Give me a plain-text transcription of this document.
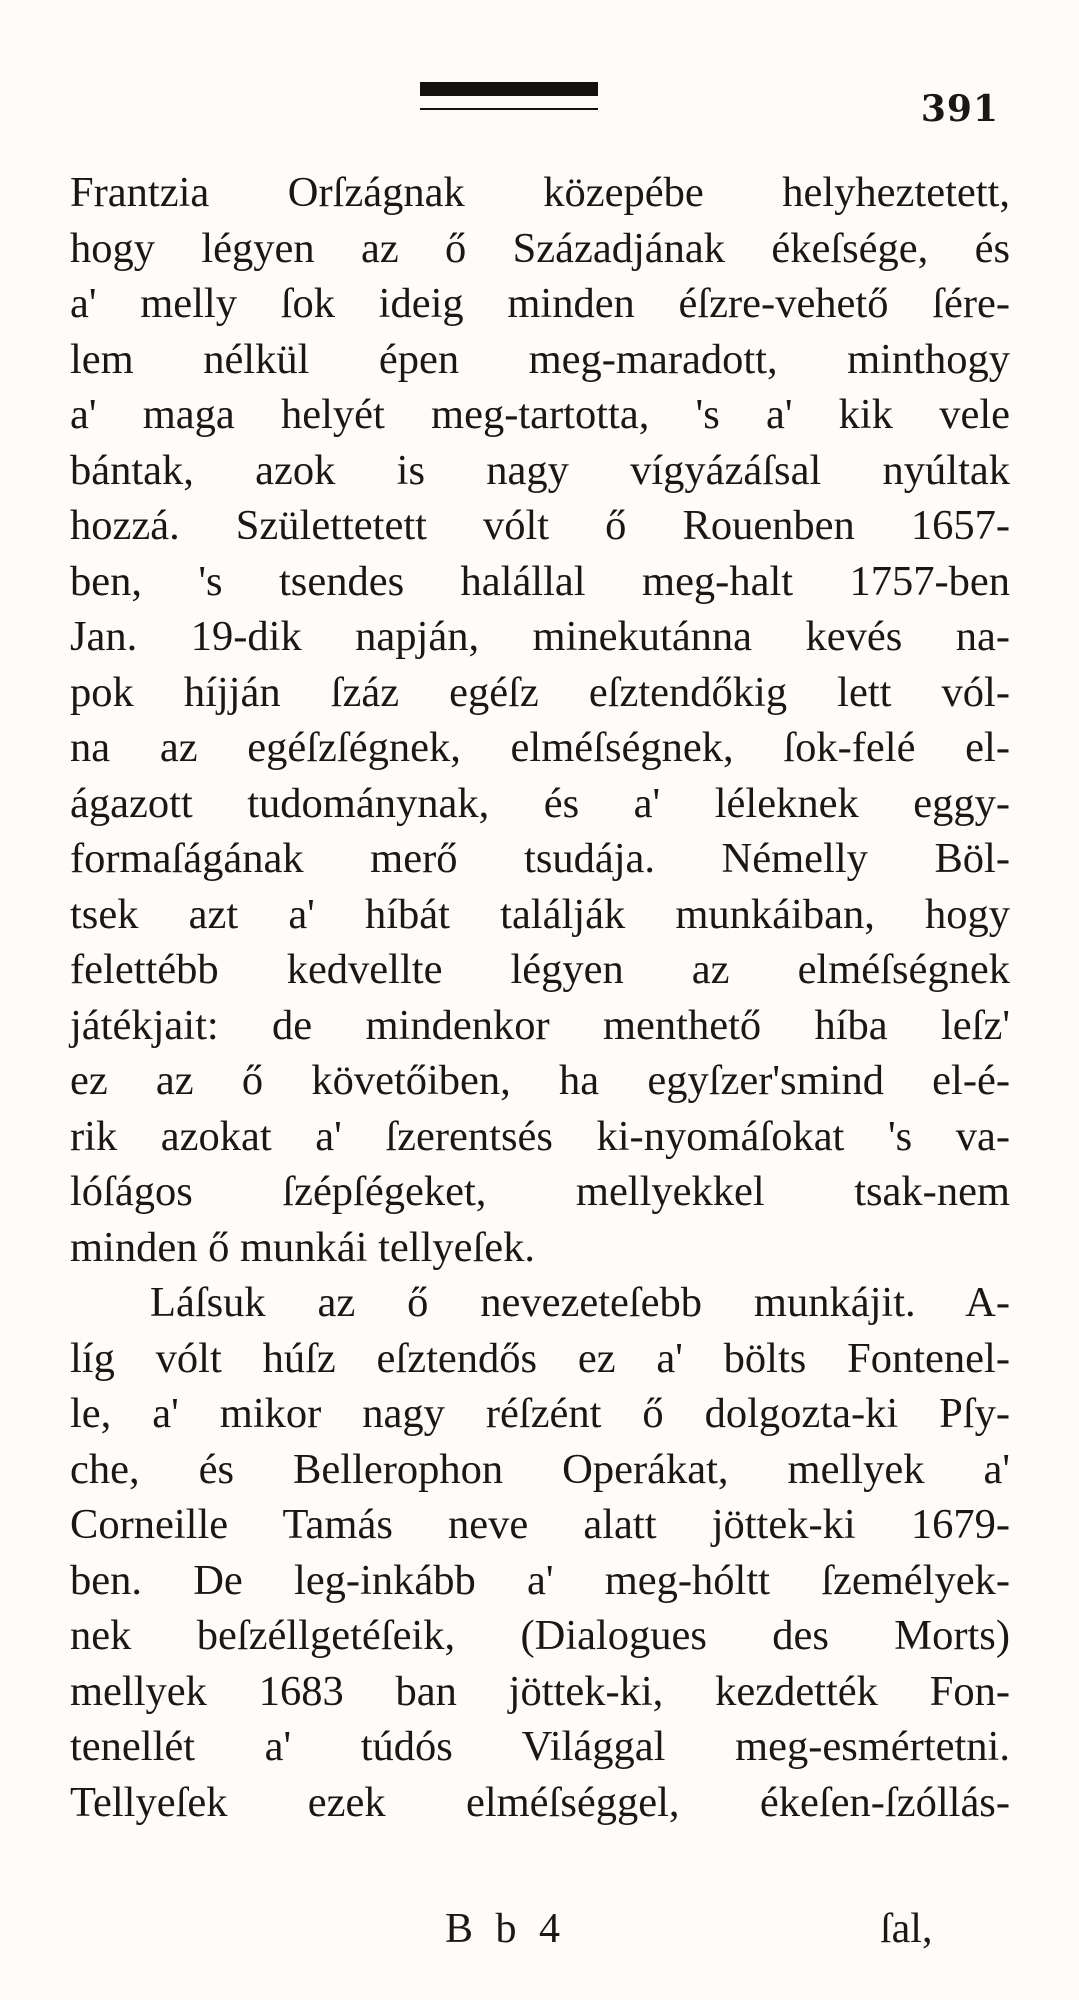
391
Frantzia Orſzágnak közepébe helyheztetett,
hogy légyen az ő Századjának ékeſsége, és
a' melly ſok ideig minden éſzre-vehető ſére-
lem nélkül épen meg-maradott, minthogy
a' maga helyét meg-tartotta, 's a' kik vele
bántak, azok is nagy vígyázáſsal nyúltak
hozzá. Születtetett vólt ő Rouenben 1657-
ben, 's tsendes halállal meg-halt 1757-ben
Jan. 19-dik napján, minekutánna kevés na-
pok híjján ſzáz egéſz eſztendőkig lett vól-
na az egéſzſégnek, elméſségnek, ſok-felé el-
ágazott tudománynak, és a' léleknek eggy-
formaſágának merő tsudája. Némelly Böl-
tsek azt a' híbát találják munkáiban, hogy
felettébb kedvellte légyen az elméſségnek
játékjait: de mindenkor menthető híba leſz'
ez az ő követőiben, ha egyſzer'smind el-é-
rik azokat a' ſzerentsés ki-nyomáſokat 's va-
lóſágos ſzépſégeket, mellyekkel tsak-nem
minden ő munkái tellyeſek.
Láſsuk az ő nevezeteſebb munkájit. A-
líg vólt húſz eſztendős ez a' bölts Fontenel-
le, a' mikor nagy réſzént ő dolgozta-ki Pſy-
che, és Bellerophon Operákat, mellyek a'
Corneille Tamás neve alatt jöttek-ki 1679-
ben. De leg-inkább a' meg-hóltt ſzemélyek-
nek beſzéllgetéſeik, (Dialogues des Morts)
mellyek 1683 ban jöttek-ki, kezdették Fon-
tenellét a' túdós Világgal meg-esmértetni.
Tellyeſek ezek elméſséggel, ékeſen-ſzóllás-
B b 4	ſal,
